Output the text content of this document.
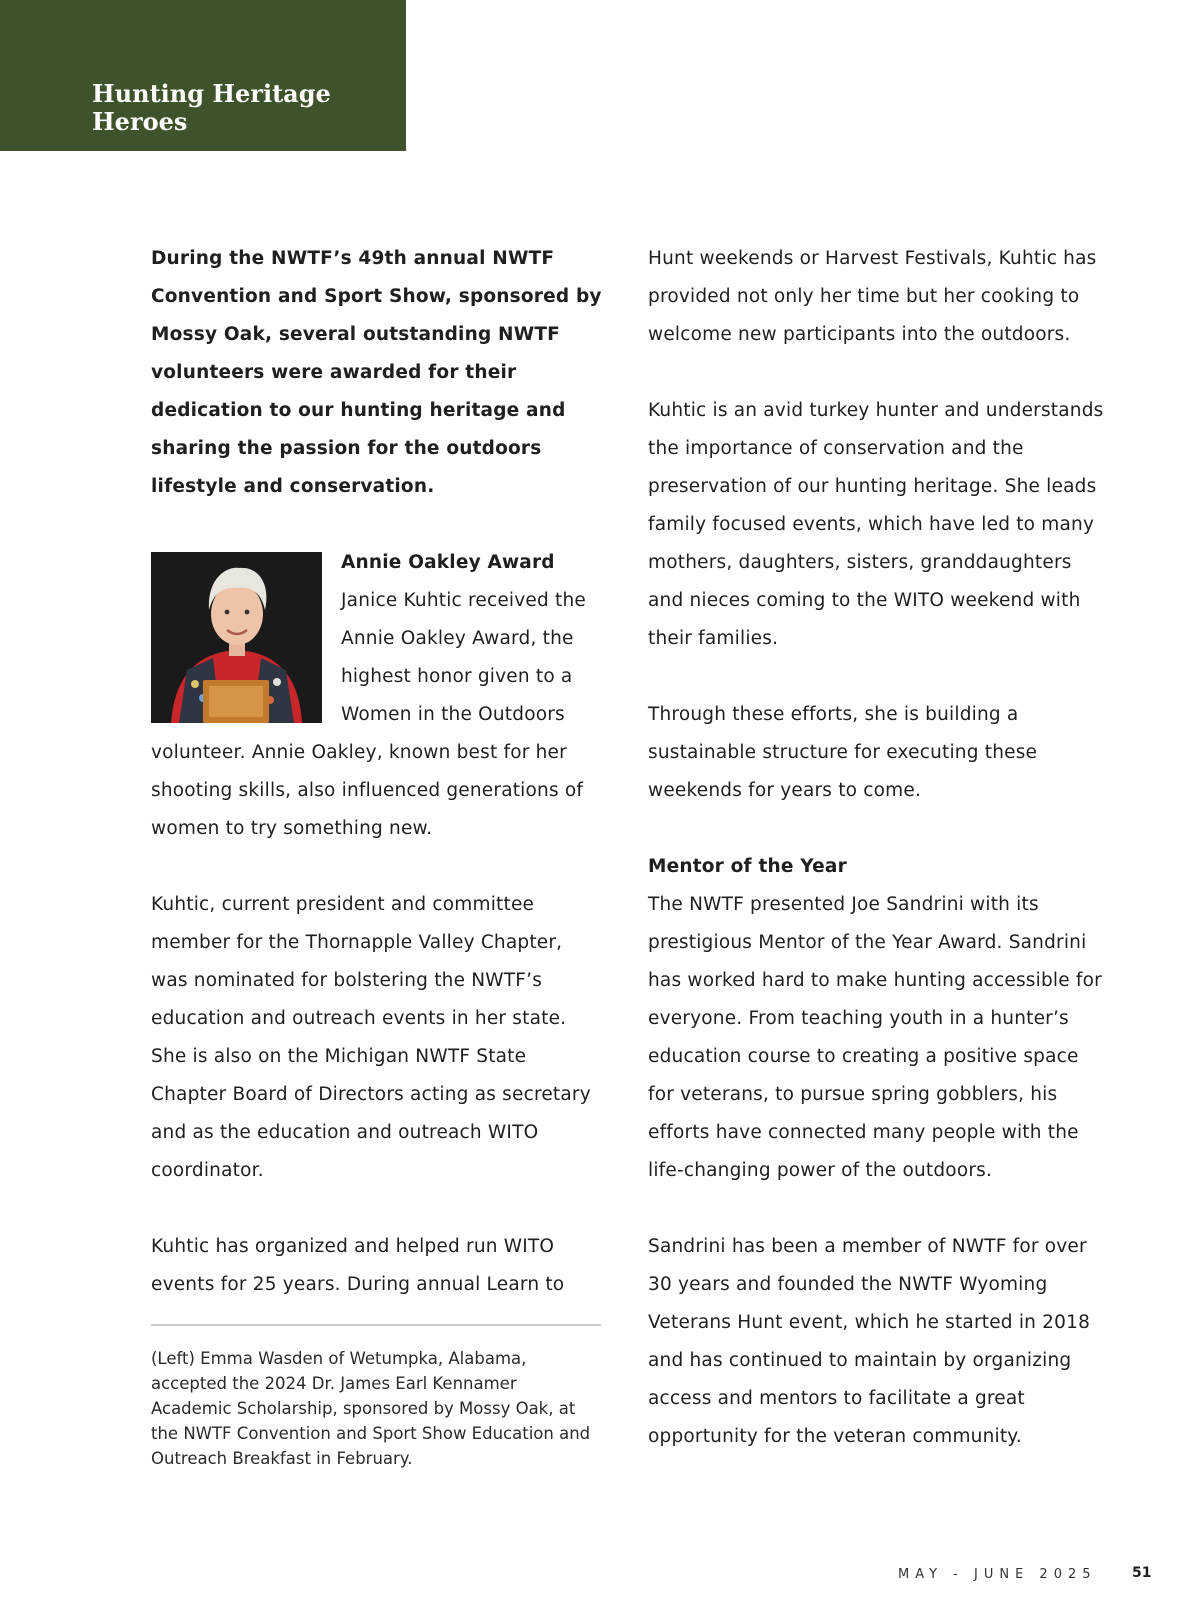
Hunting Heritage
Heroes

During the NWTF’s 49th annual NWTF Convention and Sport Show, sponsored by Mossy Oak, several outstanding NWTF volunteers were awarded for their dedication to our hunting heritage and sharing the passion for the outdoors lifestyle and conservation.

Annie Oakley Award
Janice Kuhtic received the Annie Oakley Award, the highest honor given to a Women in the Outdoors volunteer. Annie Oakley, known best for her shooting skills, also influenced generations of women to try something new.

Kuhtic, current president and committee member for the Thornapple Valley Chapter, was nominated for bolstering the NWTF’s education and outreach events in her state. She is also on the Michigan NWTF State Chapter Board of Directors acting as secretary and as the education and outreach WITO coordinator.

Kuhtic has organized and helped run WITO events for 25 years. During annual Learn to

(Left) Emma Wasden of Wetumpka, Alabama, accepted the 2024 Dr. James Earl Kennamer Academic Scholarship, sponsored by Mossy Oak, at the NWTF Convention and Sport Show Education and Outreach Breakfast in February.

Hunt weekends or Harvest Festivals, Kuhtic has provided not only her time but her cooking to welcome new participants into the outdoors.

Kuhtic is an avid turkey hunter and understands the importance of conservation and the preservation of our hunting heritage. She leads family focused events, which have led to many mothers, daughters, sisters, granddaughters and nieces coming to the WITO weekend with their families.

Through these efforts, she is building a sustainable structure for executing these weekends for years to come.

Mentor of the Year

The NWTF presented Joe Sandrini with its prestigious Mentor of the Year Award. Sandrini has worked hard to make hunting accessible for everyone. From teaching youth in a hunter’s education course to creating a positive space for veterans, to pursue spring gobblers, his efforts have connected many people with the life-changing power of the outdoors.

Sandrini has been a member of NWTF for over 30 years and founded the NWTF Wyoming Veterans Hunt event, which he started in 2018 and has continued to maintain by organizing access and mentors to facilitate a great opportunity for the veteran community.

MAY - JUNE 2025	51
